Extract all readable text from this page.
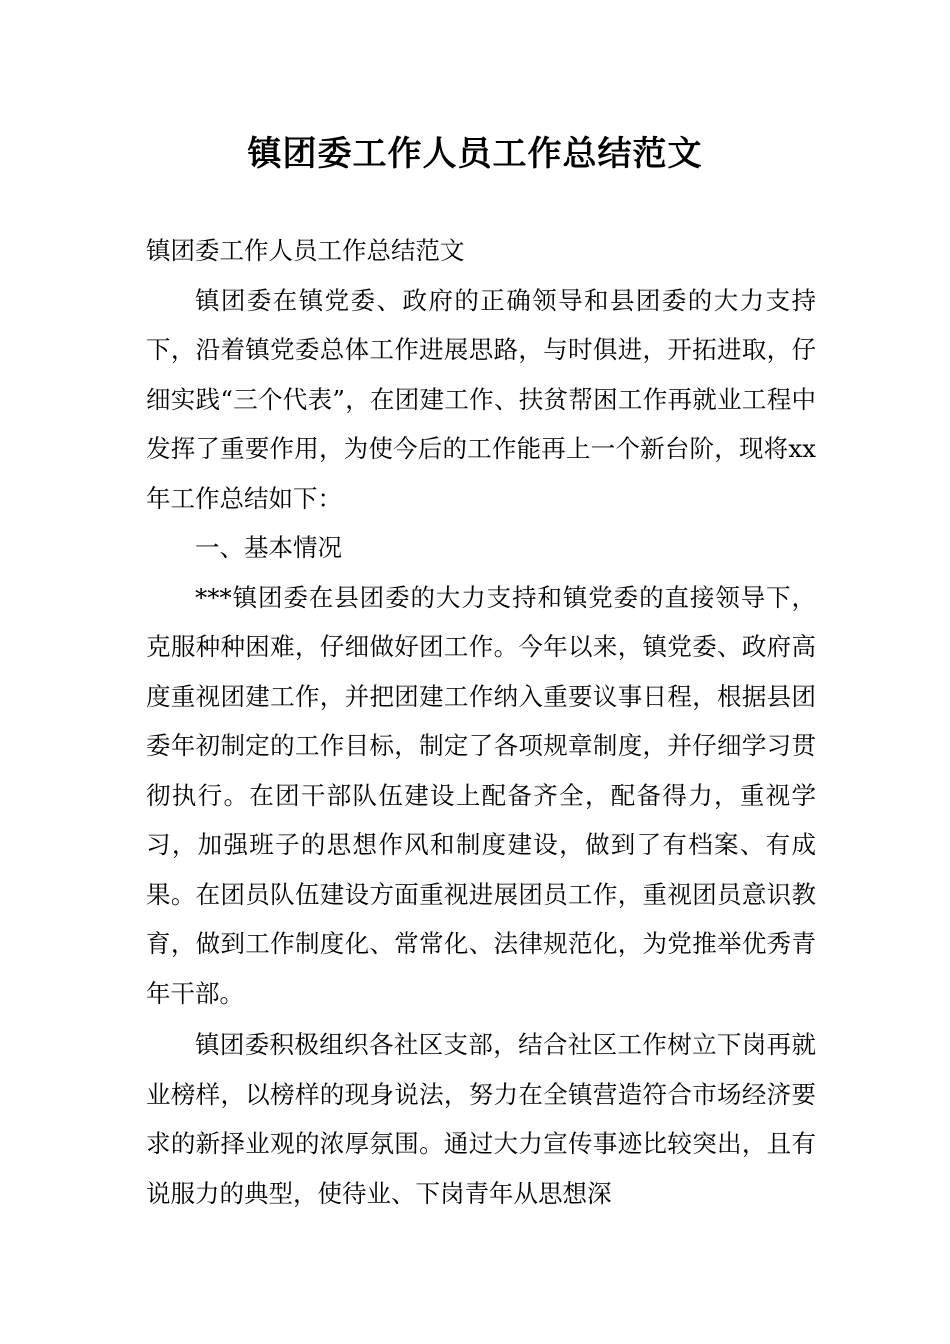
镇团委工作人员工作总结范文

镇团委工作人员工作总结范文

镇团委在镇党委、政府的正确领导和县团委的大力支持下，沿着镇党委总体工作进展思路，与时俱进，开拓进取，仔细实践“三个代表”，在团建工作、扶贫帮困工作再就业工程中发挥了重要作用，为使今后的工作能再上一个新台阶，现将xx年工作总结如下：

一、基本情况

***镇团委在县团委的大力支持和镇党委的直接领导下，克服种种困难，仔细做好团工作。今年以来，镇党委、政府高度重视团建工作，并把团建工作纳入重要议事日程，根据县团委年初制定的工作目标，制定了各项规章制度，并仔细学习贯彻执行。在团干部队伍建设上配备齐全，配备得力，重视学习，加强班子的思想作风和制度建设，做到了有档案、有成果。在团员队伍建设方面重视进展团员工作，重视团员意识教育，做到工作制度化、常常化、法律规范化，为党推举优秀青年干部。

镇团委积极组织各社区支部，结合社区工作树立下岗再就业榜样，以榜样的现身说法，努力在全镇营造符合市场经济要求的新择业观的浓厚氛围。通过大力宣传事迹比较突出，且有说服力的典型，使待业、下岗青年从思想深
